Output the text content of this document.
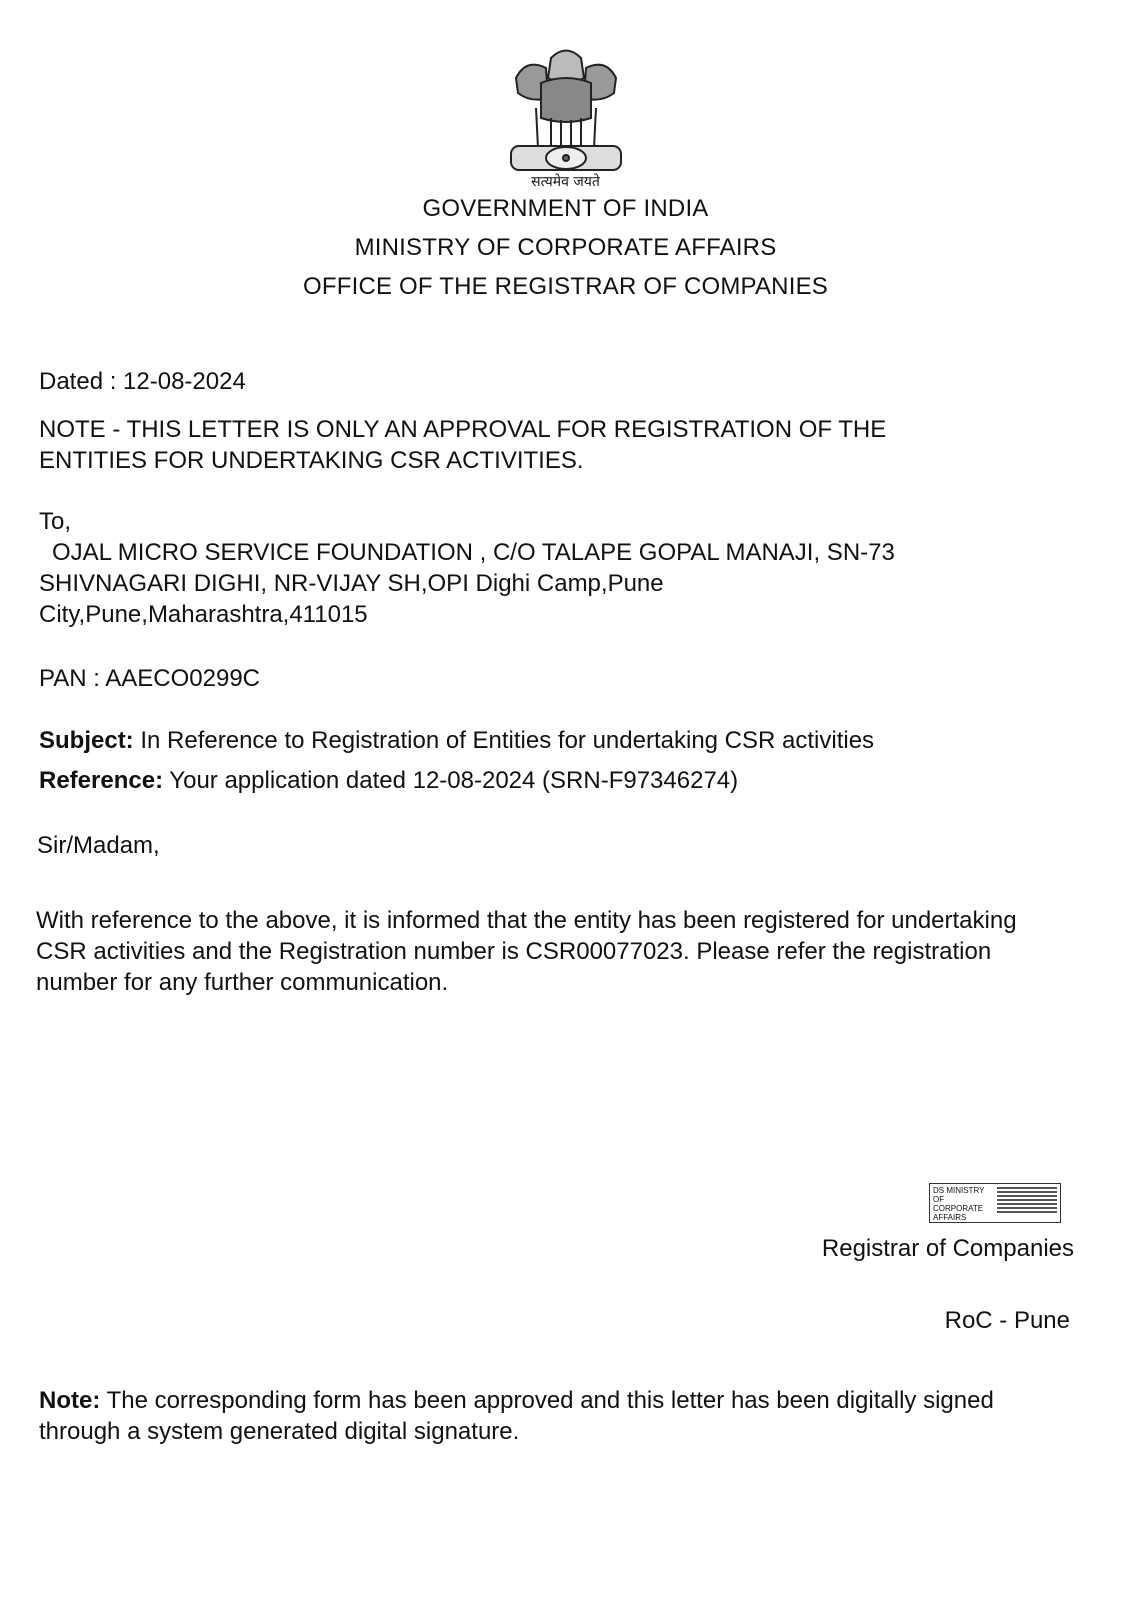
सत्यमेव जयते
GOVERNMENT OF INDIA
MINISTRY OF CORPORATE AFFAIRS
OFFICE OF THE REGISTRAR OF COMPANIES
Dated : 12-08-2024
NOTE - THIS LETTER IS ONLY AN APPROVAL FOR REGISTRATION OF THE
ENTITIES FOR UNDERTAKING CSR ACTIVITIES.
To,
OJAL MICRO SERVICE FOUNDATION , C/O TALAPE GOPAL MANAJI, SN-73
SHIVNAGARI DIGHI, NR-VIJAY SH,OPI Dighi Camp,Pune
City,Pune,Maharashtra,411015
PAN : AAECO0299C
Subject: In Reference to Registration of Entities for undertaking CSR activities
Reference: Your application dated 12-08-2024 (SRN-F97346274)
Sir/Madam,
With reference to the above, it is informed that the entity has been registered for undertaking
CSR activities and the Registration number is CSR00077023. Please refer the registration
number for any further communication.
DS MINISTRY OF CORPORATE AFFAIRS
Registrar of Companies
RoC - Pune
Note: The corresponding form has been approved and this letter has been digitally signed
through a system generated digital signature.
